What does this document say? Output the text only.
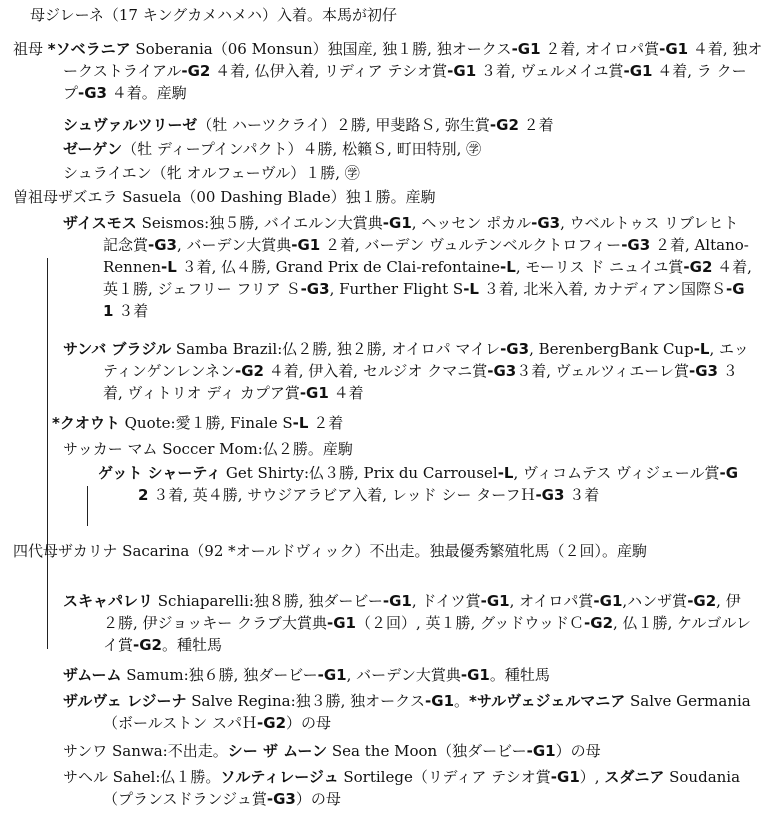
母ジレーネ（17 キングカメハメハ）入着。本馬が初仔
祖母 *ソベラニア Soberania（06 Monsun）独国産, 独１勝, 独オークス-G1 ２着, オイロパ賞-G1 ４着, 独オークストライアル-G2 ４着, 仏伊入着, リディア テシオ賞-G1 ３着, ヴェルメイユ賞-G1 ４着, ラ クープ-G3 ４着。産駒
シュヴァルツリーゼ（牡 ハーツクライ）２勝, 甲斐路Ｓ, 弥生賞-G2 ２着
ゼーゲン（牡 ディープインパクト）４勝, 松籟Ｓ, 町田特別, ㊫
シュライエン（牝 オルフェーヴル）１勝, ㊫
曽祖母ザズエラ Sasuela（00 Dashing Blade）独１勝。産駒
ザイスモス Seismos:独５勝, バイエルン大賞典-G1, ヘッセン ポカル-G3, ウベルトゥス リブレヒト記念賞-G3, バーデン大賞典-G1 ２着, バーデン ヴュルテンベルクトロフィー-G3 ２着, Altano-Rennen-L ３着, 仏４勝, Grand Prix de Clai-refontaine-L, モーリス ド ニュイユ賞-G2 ４着, 英１勝, ジェフリー フリア Ｓ-G3, Further Flight S-L ３着, 北米入着, カナディアン国際Ｓ-G1 ３着
サンバ ブラジル Samba Brazil:仏２勝, 独２勝, オイロパ マイレ-G3, BerenbergBank Cup-L, エッティンゲンレンネン-G2 ４着, 伊入着, セルジオ クマニ賞-G3３着, ヴェルツィエーレ賞-G3 ３着, ヴィトリオ ディ カプア賞-G1 ４着
*クオウト Quote:愛１勝, Finale S-L ２着
サッカー マム Soccer Mom:仏２勝。産駒
ゲット シャーティ Get Shirty:仏３勝, Prix du Carrousel-L, ヴィコムテス ヴィジェール賞-G2 ３着, 英４勝, サウジアラビア入着, レッド シー ターフＨ-G3 ３着
四代母ザカリナ Sacarina（92 *オールドヴィック）不出走。独最優秀繁殖牝馬（２回）。産駒
スキャパレリ Schiaparelli:独８勝, 独ダービー-G1, ドイツ賞-G1, オイロパ賞-G1,ハンザ賞-G2, 伊２勝, 伊ジョッキー クラブ大賞典-G1（２回）, 英１勝, グッドウッドＣ-G2, 仏１勝, ケルゴルレイ賞-G2。種牡馬
ザムーム Samum:独６勝, 独ダービー-G1, バーデン大賞典-G1。種牡馬
ザルヴェ レジーナ Salve Regina:独３勝, 独オークス-G1。*サルヴェジェルマニア Salve Germania（ボールストン スパＨ-G2）の母
サンワ Sanwa:不出走。シー ザ ムーン Sea the Moon（独ダービー-G1）の母
サヘル Sahel:仏１勝。ソルティレージュ Sortilege（リディア テシオ賞-G1）, スダニア Soudania（プランスドランジュ賞-G3）の母
